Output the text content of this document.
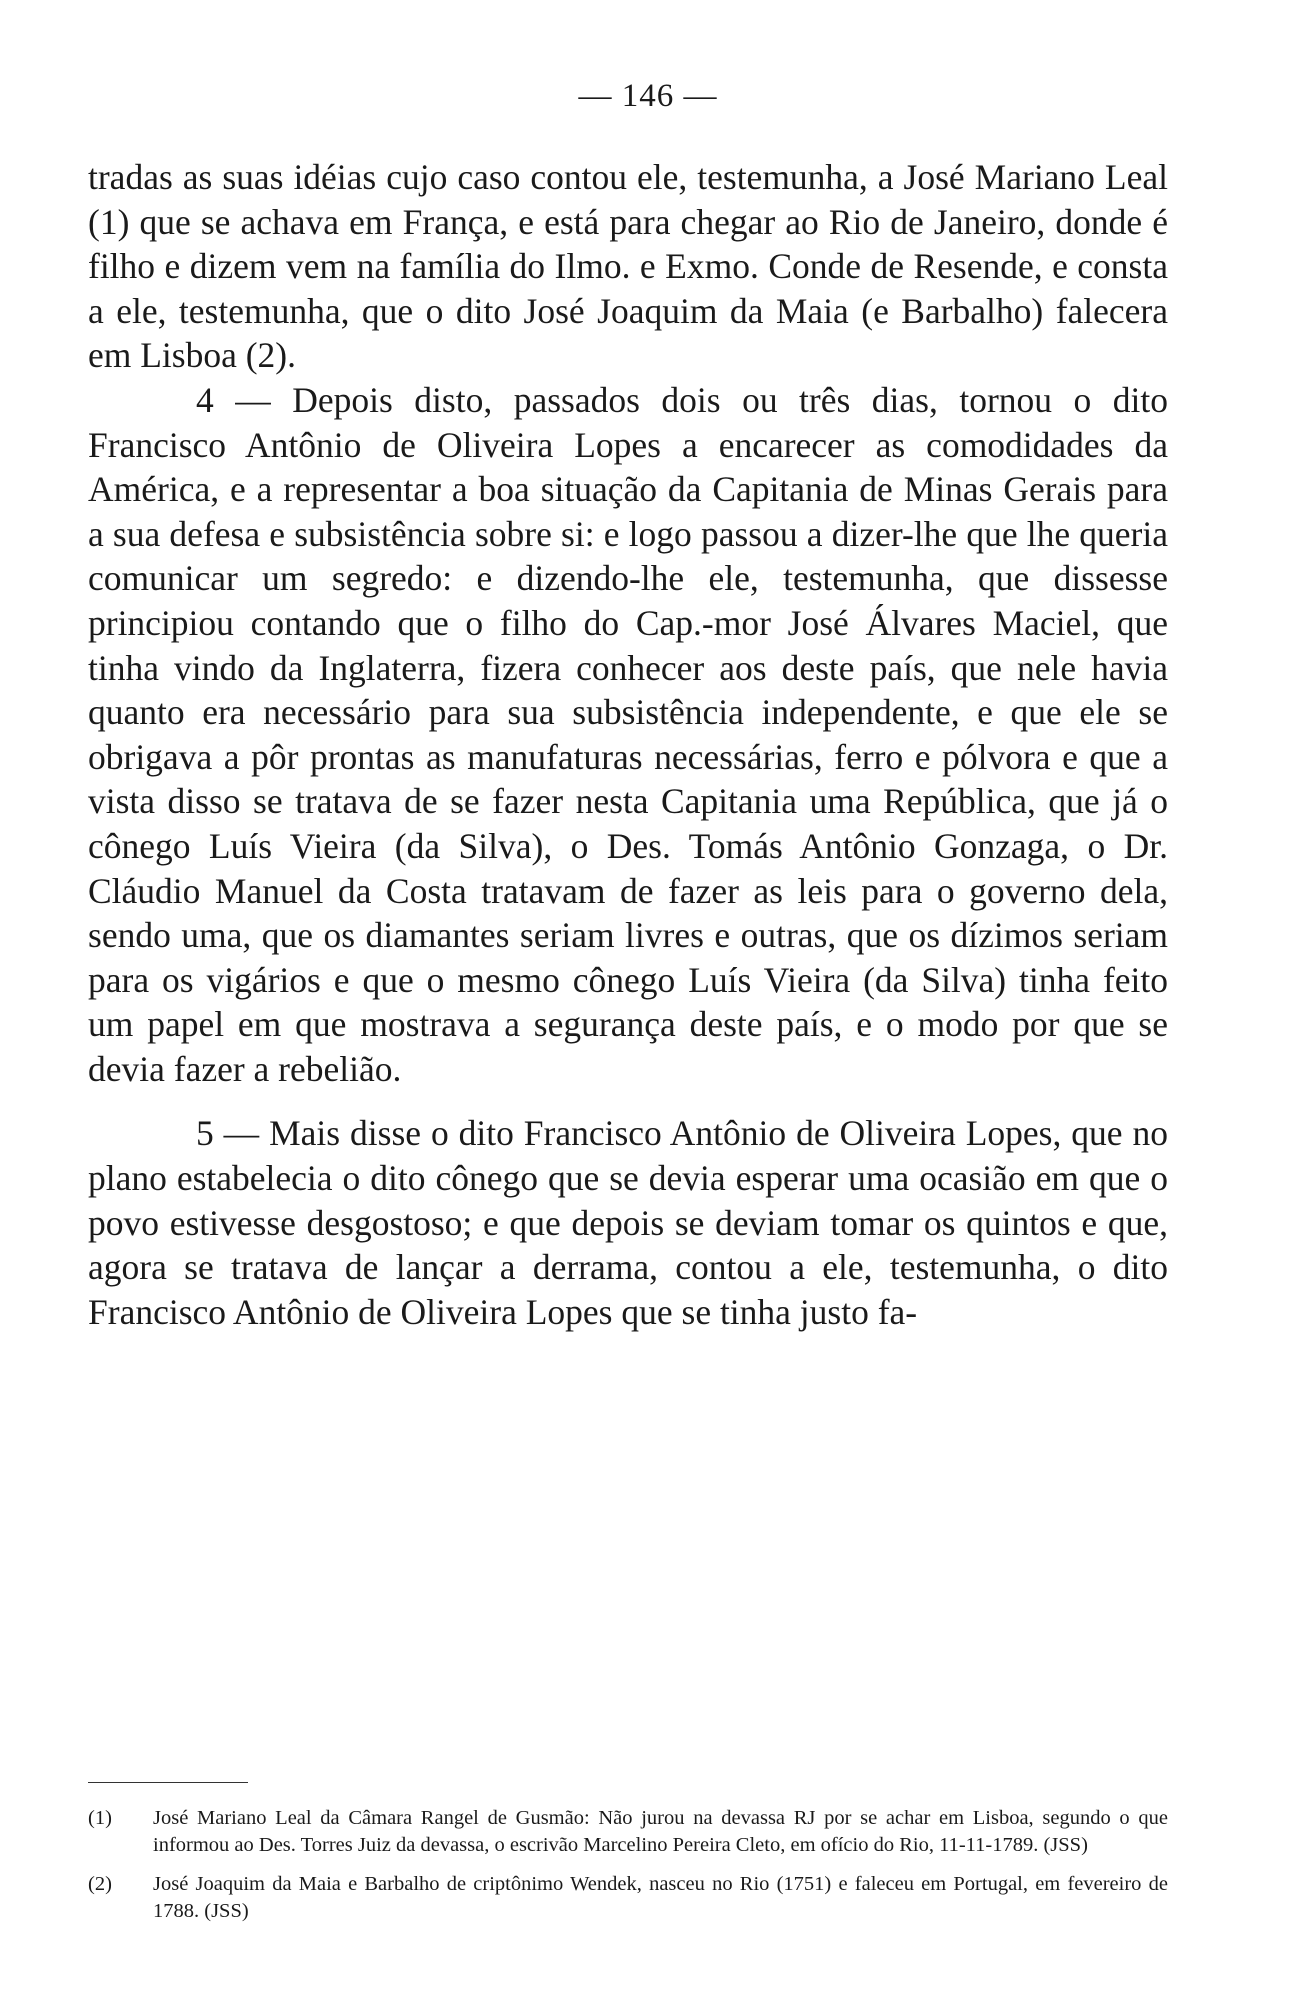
— 146 —

tradas as suas idéias cujo caso contou ele, testemunha, a José Mariano Leal (1) que se achava em França, e está para chegar ao Rio de Janeiro, donde é filho e dizem vem na família do Ilmo. e Exmo. Conde de Resende, e consta a ele, testemunha, que o dito José Joaquim da Maia (e Barbalho) falecera em Lisboa (2).

4 — Depois disto, passados dois ou três dias, tornou o dito Francisco Antônio de Oliveira Lopes a encarecer as comodidades da América, e a representar a boa situação da Capitania de Minas Gerais para a sua defesa e subsistência sobre si: e logo passou a dizer-lhe que lhe queria comunicar um segredo: e dizendo-lhe ele, testemunha, que dissesse principiou contando que o filho do Cap.-mor José Álvares Maciel, que tinha vindo da Inglaterra, fizera conhecer aos deste país, que nele havia quanto era necessário para sua subsistência independente, e que ele se obrigava a pôr prontas as manufaturas necessárias, ferro e pólvora e que a vista disso se tratava de se fazer nesta Capitania uma República, que já o cônego Luís Vieira (da Silva), o Des. Tomás Antônio Gonzaga, o Dr. Cláudio Manuel da Costa tratavam de fazer as leis para o governo dela, sendo uma, que os diamantes seriam livres e outras, que os dízimos seriam para os vigários e que o mesmo cônego Luís Vieira (da Silva) tinha feito um papel em que mostrava a segurança deste país, e o modo por que se devia fazer a rebelião.

5 — Mais disse o dito Francisco Antônio de Oliveira Lopes, que no plano estabelecia o dito cônego que se devia esperar uma ocasião em que o povo estivesse desgostoso; e que depois se deviam tomar os quintos e que, agora se tratava de lançar a derrama, contou a ele, testemunha, o dito Francisco Antônio de Oliveira Lopes que se tinha justo fa-

(1)	José Mariano Leal da Câmara Rangel de Gusmão: Não jurou na devassa RJ por se achar em Lisboa, segundo o que informou ao Des. Torres Juiz da devassa, o escrivão Marcelino Pereira Cleto, em ofício do Rio, 11-11-1789. (JSS)
(2)	José Joaquim da Maia e Barbalho de criptônimo Wendek, nasceu no Rio (1751) e faleceu em Portugal, em fevereiro de 1788. (JSS)
